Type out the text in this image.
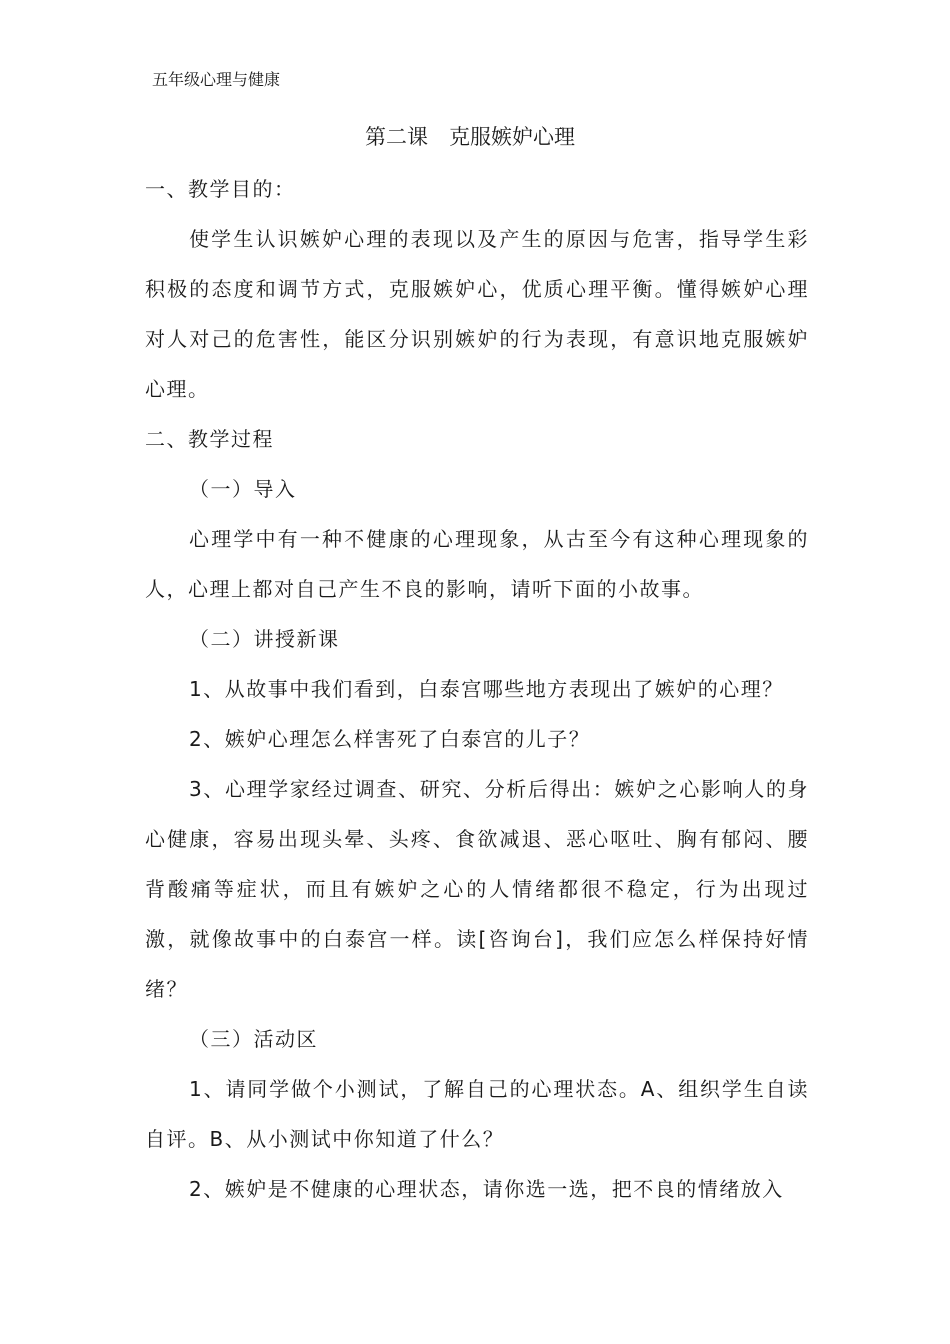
五年级心理与健康
第二课　克服嫉妒心理

一、教学目的：

使学生认识嫉妒心理的表现以及产生的原因与危害，指导学生彩积极的态度和调节方式，克服嫉妒心，优质心理平衡。懂得嫉妒心理对人对己的危害性，能区分识别嫉妒的行为表现，有意识地克服嫉妒心理。

二、教学过程

（一）导入

心理学中有一种不健康的心理现象，从古至今有这种心理现象的人，心理上都对自己产生不良的影响，请听下面的小故事。

（二）讲授新课

1、从故事中我们看到，白泰宫哪些地方表现出了嫉妒的心理？

2、嫉妒心理怎么样害死了白泰宫的儿子？

3、心理学家经过调查、研究、分析后得出：嫉妒之心影响人的身心健康，容易出现头晕、头疼、食欲减退、恶心呕吐、胸有郁闷、腰背酸痛等症状，而且有嫉妒之心的人情绪都很不稳定，行为出现过激，就像故事中的白泰宫一样。读[咨询台]，我们应怎么样保持好情绪？

（三）活动区

1、请同学做个小测试，了解自己的心理状态。A、组织学生自读自评。B、从小测试中你知道了什么？

2、嫉妒是不健康的心理状态，请你选一选，把不良的情绪放入
